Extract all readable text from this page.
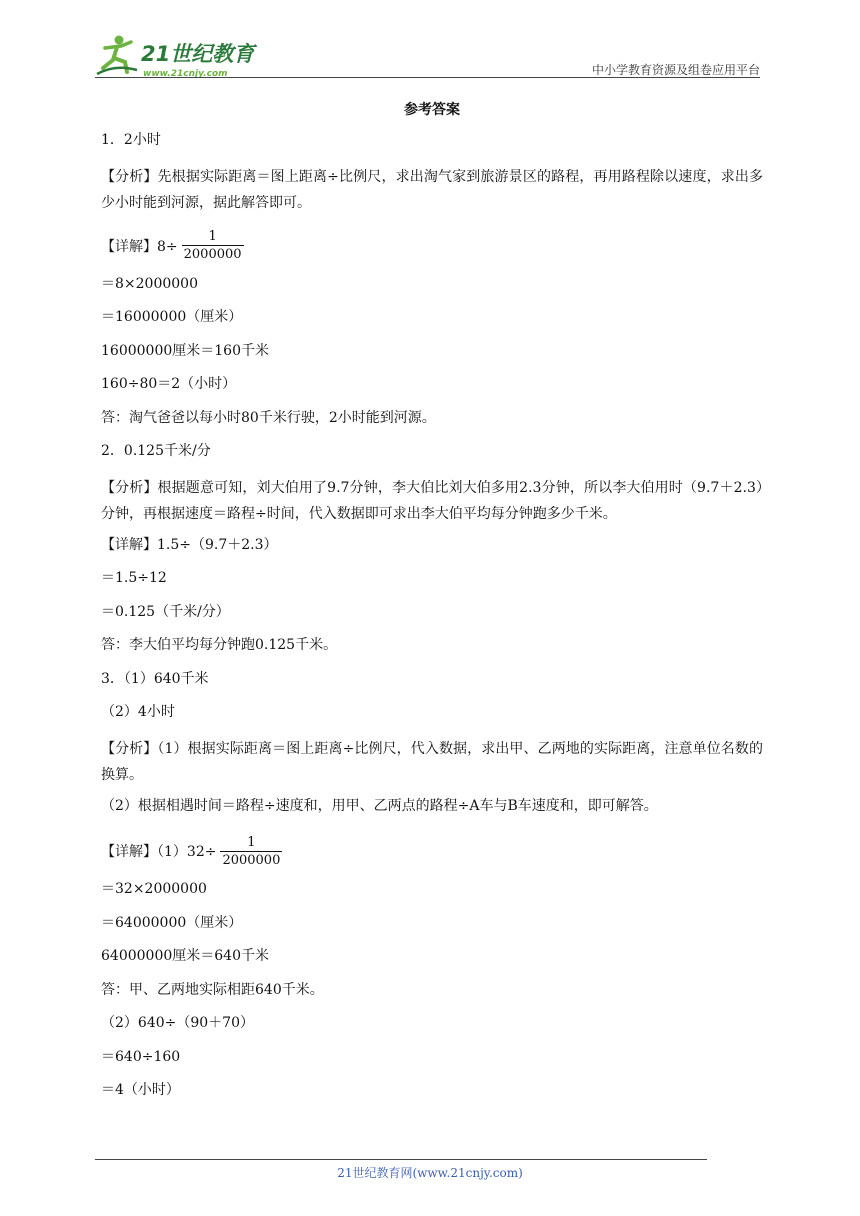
21世纪教育
www.21cnjy.com	中小学教育资源及组卷应用平台
参考答案
1．2小时
【分析】先根据实际距离＝图上距离÷比例尺，求出淘气家到旅游景区的路程，再用路程除以速度，求出多少小时能到河源，据此解答即可。
【详解】$8\div \frac{1}{2000000}$
＝8×2000000
＝16000000（厘米）
16000000厘米＝160千米
160÷80＝2（小时）
答：淘气爸爸以每小时80千米行驶，2小时能到河源。
2．0.125千米/分
【分析】根据题意可知，刘大伯用了9.7分钟，李大伯比刘大伯多用2.3分钟，所以李大伯用时（9.7＋2.3）分钟，再根据速度＝路程÷时间，代入数据即可求出李大伯平均每分钟跑多少千米。
【详解】1.5÷（9.7＋2.3）
＝1.5÷12
＝0.125（千米/分）
答：李大伯平均每分钟跑0.125千米。
3．（1）640千米
（2）4小时
【分析】（1）根据实际距离＝图上距离÷比例尺，代入数据，求出甲、乙两地的实际距离，注意单位名数的换算。
（2）根据相遇时间＝路程÷速度和，用甲、乙两点的路程÷A车与B车速度和，即可解答。
【详解】$(1)32\div \frac{1}{2000000}$
＝32×2000000
＝64000000（厘米）
64000000厘米＝640千米
答：甲、乙两地实际相距640千米。
（2）640÷（90＋70）
＝640÷160
＝4（小时）
21世纪教育网(www.21cnjy.com)
